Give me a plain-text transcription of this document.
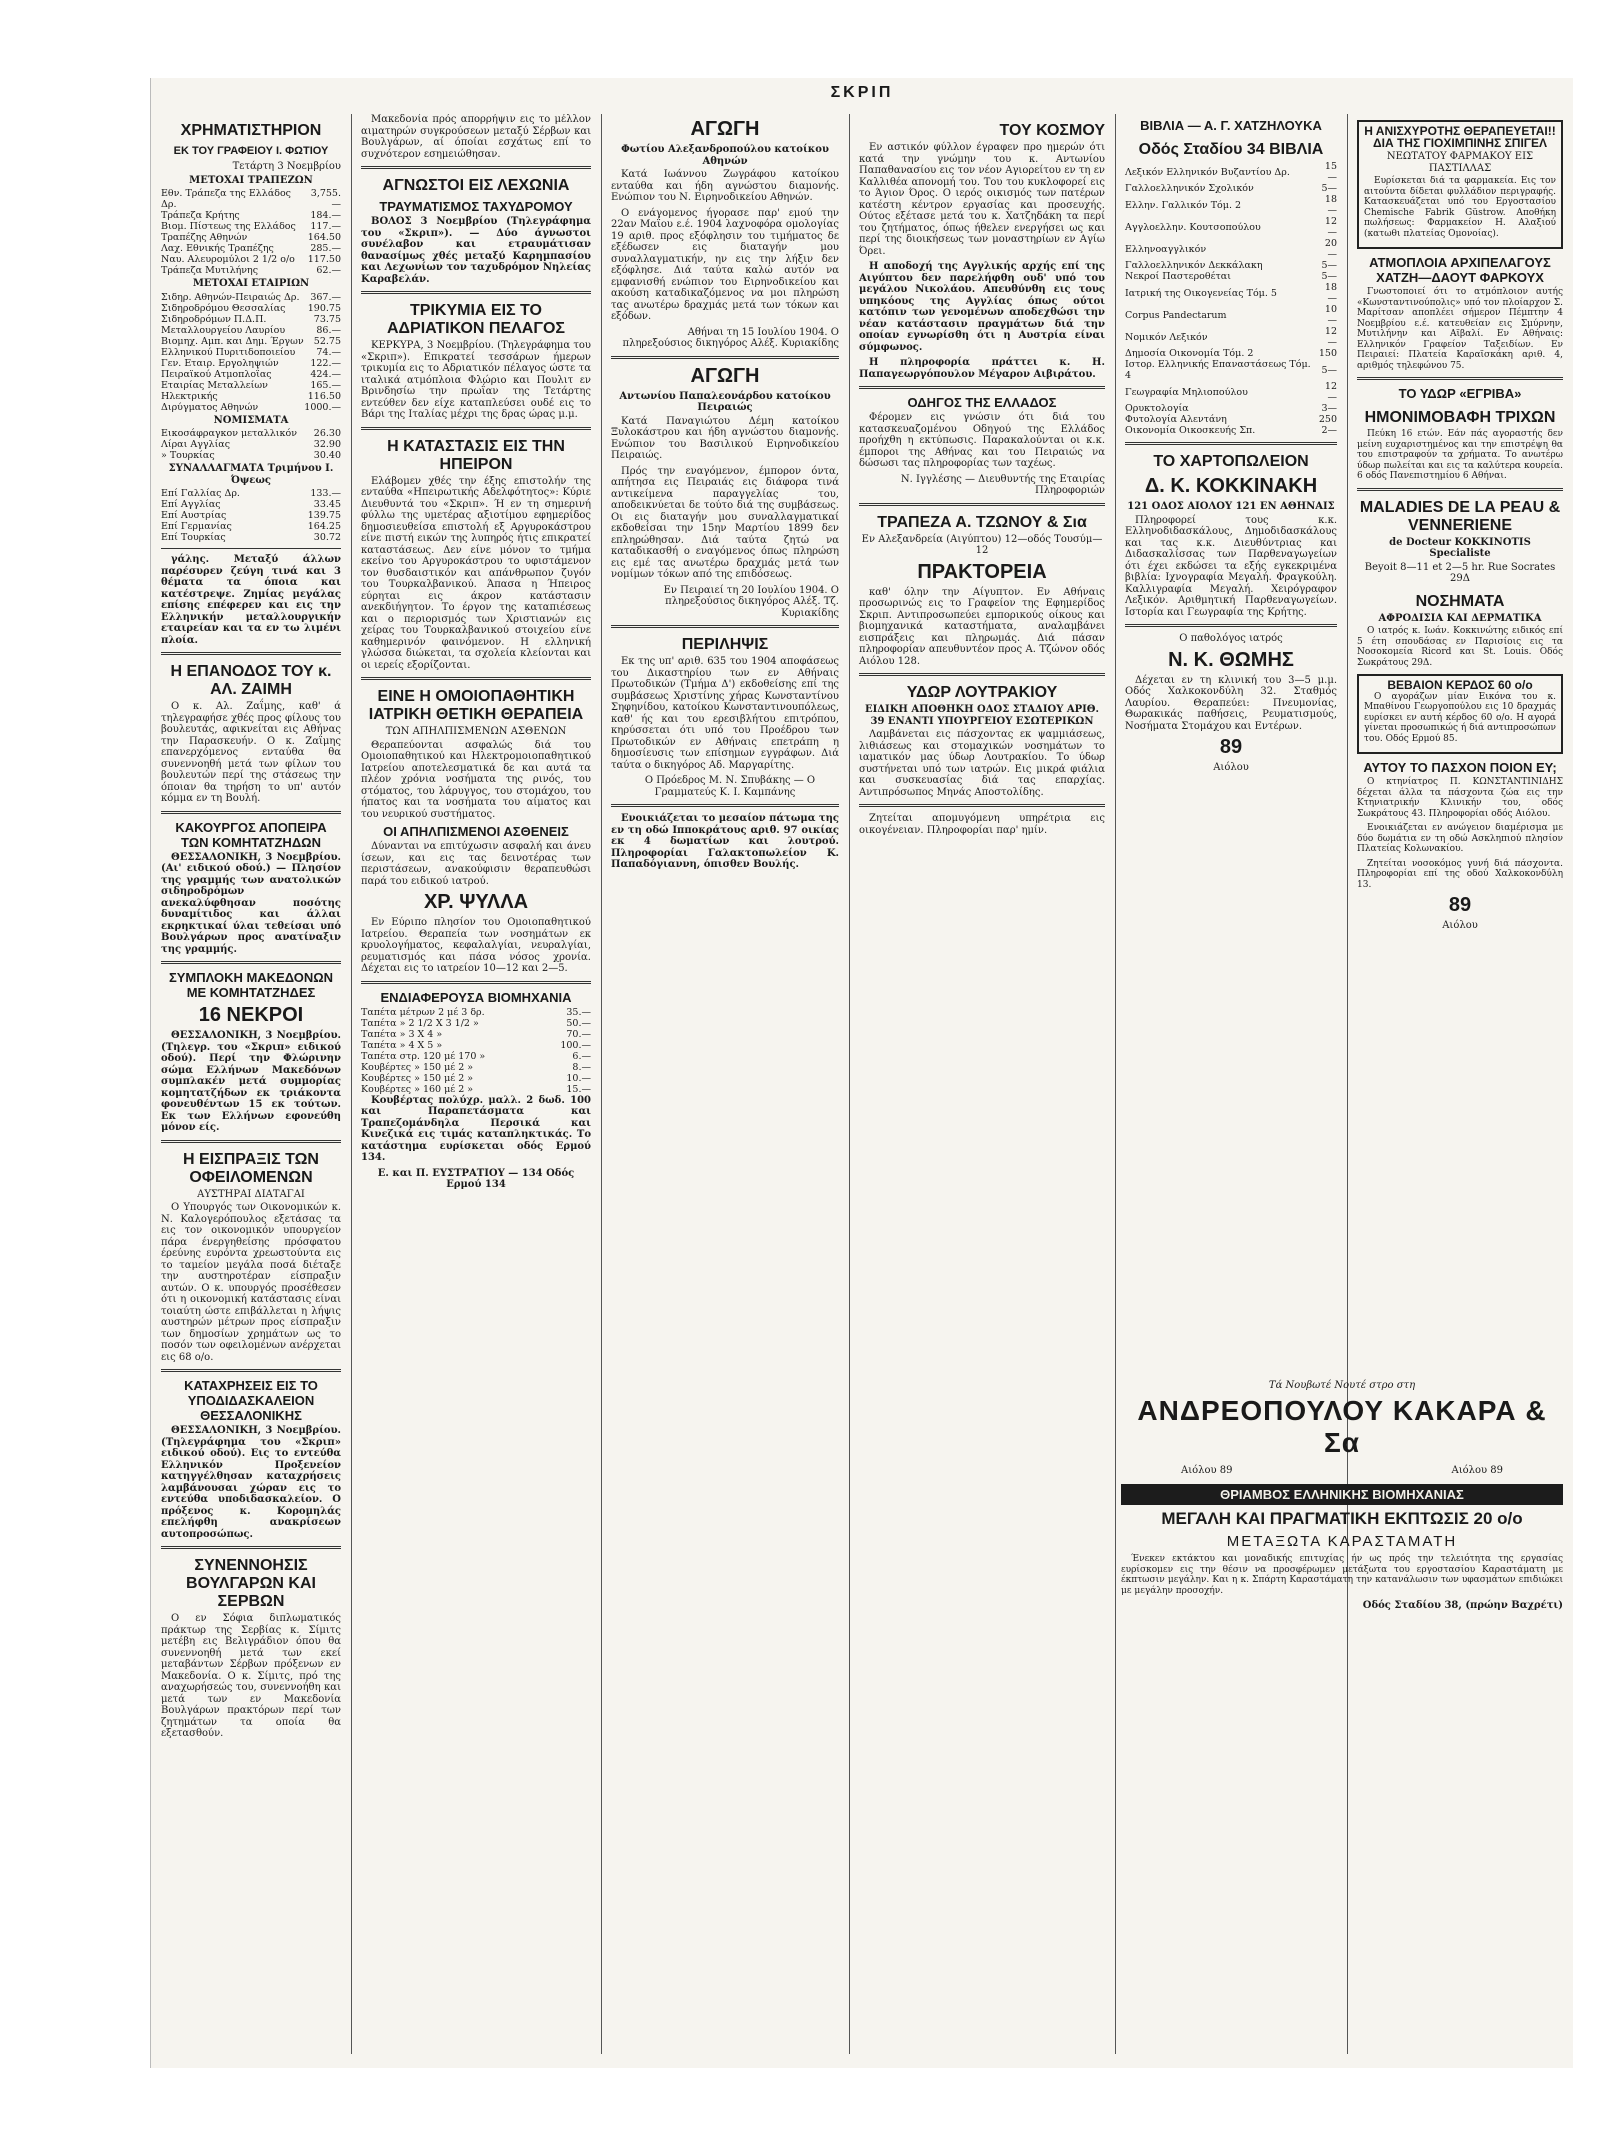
ΣΚΡΙΠ
ΧΡΗΜΑΤΙΣΤΗΡΙΟΝ
ΕΚ ΤΟΥ ΓΡΑΦΕΙΟΥ Ι. ΦΩΤΙΟΥ
Τετάρτη 3 Νοεμβρίου
ΜΕΤΟΧΑΙ ΤΡΑΠΕΖΩΝ
Εθν. Τράπεζα της Ελλάδος Δρ.	3,755.—
Τράπεζα Κρήτης	184.—
Βιομ. Πίστεως της Ελλάδος	117.—
Τραπέζης Αθηνών	164.50
Λαχ. Εθνικής Τραπέζης	285.—
Ναυ. Αλευρομύλοι 2 1/2 ο/ο	117.50
Τράπεζα Μυτιλήνης	62.—
ΜΕΤΟΧΑΙ ΕΤΑΙΡΙΩΝ
Σιδηρ. Αθηνών-Πειραιώς Δρ.	367.—
Σιδηροδρόμου Θεσσαλίας	190.75
Σιδηροδρόμων Π.Δ.Π.	73.75
Μεταλλουργείου Λαυρίου	86.—
Βιομηχ. Αμπ. και Δημ. Έργων	52.75
Ελληνικού Πυριτιδοποιείου	74.—
Γεν. Εταιρ. Εργοληψιών	122.—
Πειραϊκού Ατμοπλοΐας	424.—
Εταιρίας Μεταλλείων	165.—
Ηλεκτρικής	116.50
Διρύγματος Αθηνών	1000.—
ΝΟΜΙΣΜΑΤΑ
Εικοσάφραγκον μεταλλικόν	26.30
Λίραι Αγγλίας	32.90
» Τουρκίας	30.40
ΣΥΝΑΛΛΑΓΜΑΤΑ Τριμήνου Ι. Όψεως
Επί Γαλλίας Δρ.	133.—
Επί Αγγλίας	33.45
Επί Αυστρίας	139.75
Επί Γερμανίας	164.25
Επί Τουρκίας	30.72

γάλης. Μεταξύ άλλων παρέσυρεν ζεύγη τινά και 3 θέματα τα όποια και κατέστρεψε. Ζημίας μεγάλας επίσης επέφερεν και εις την Ελληνικήν μεταλλουργικήν εταιρείαν και τα εν τω λιμένι πλοία.

Η ΕΠΑΝΟΔΟΣ ΤΟΥ κ. ΑΛ. ΖΑΙΜΗ

Ο κ. Αλ. Ζαΐμης, καθ' ά τηλεγραφήσε χθές προς φίλους του βουλευτάς, αφικνείται εις Αθήνας την Παρασκευήν. Ο κ. Ζαΐμης επανερχόμενος ενταύθα θα συνεννοηθή μετά των φίλων του βουλευτών περί της στάσεως την όποιαν θα τηρήση το υπ' αυτόν κόμμα εν τη Βουλή.

ΚΑΚΟΥΡΓΟΣ ΑΠΟΠΕΙΡΑ ΤΩΝ ΚΟΜΗΤΑΤΖΗΔΩΝ

ΘΕΣΣΑΛΟΝΙΚΗ, 3 Νοεμβρίου. (Αι' ειδικού οδού.) — Πλησίον της γραμμής των ανατολικών σιδηροδρόμων ανεκαλύφθησαν ποσότης δυναμίτιδος και άλλαι εκρηκτικαί ύλαι τεθείσαι υπό Βουλγάρων προς ανατίναξιν της γραμμής.

ΣΥΜΠΛΟΚΗ ΜΑΚΕΔΟΝΩΝ ΜΕ ΚΟΜΗΤΑΤΖΗΔΕΣ
16 ΝΕΚΡΟΙ

ΘΕΣΣΑΛΟΝΙΚΗ, 3 Νοεμβρίου. (Τηλεγρ. του «Σκριπ» ειδικού οδού). Περί την Φλώρινην σώμα Ελλήνων Μακεδόνων συμπλακέν μετά συμμορίας κομητατζήδων εκ τριάκοντα φονευθέντων 15 εκ τούτων. Εκ των Ελλήνων εφονεύθη μόνον είς.

Η ΕΙΣΠΡΑΞΙΣ ΤΩΝ ΟΦΕΙΛΟΜΕΝΩΝ
ΑΥΣΤΗΡΑΙ ΔΙΑΤΑΓΑΙ

Ο Υπουργός των Οικονομικών κ. Ν. Καλογερόπουλος εξετάσας τα εις τον οικονομικόν υπουργείον πάρα ένεργηθείσης πρόσφατου έρεύνης ευρόντα χρεωστούντα εις το ταμείον μεγάλα ποσά διέταξε την αυστηροτέραν είσπραξιν αυτών. Ο κ. υπουργός προσέθεσεν ότι η οικονομική κατάστασις είναι τοιαύτη ώστε επιβάλλεται η λήψις αυστηρών μέτρων προς είσπραξιν των δημοσίων χρημάτων ως το ποσόν των οφειλομένων ανέρχεται εις 68 ο/ο.

ΚΑΤΑΧΡΗΣΕΙΣ ΕΙΣ ΤΟ ΥΠΟΔΙΔΑΣΚΑΛΕΙΟΝ ΘΕΣΣΑΛΟΝΙΚΗΣ

ΘΕΣΣΑΛΟΝΙΚΗ, 3 Νοεμβρίου. (Τηλεγράφημα του «Σκριπ» ειδικού οδού). Εις το εντεύθα Ελληνικόν Προξενείον κατηγγέλθησαν καταχρήσεις λαμβάνουσαι χώραν εις το εντεύθα υποδιδασκαλείον. Ο πρόξενος κ. Κορομηλάς επελήφθη ανακρίσεων αυτοπροσώπως.

ΣΥΝΕΝΝΟΗΣΙΣ ΒΟΥΛΓΑΡΩΝ ΚΑΙ ΣΕΡΒΩΝ

Ο εν Σόφια διπλωματικός πράκτωρ της Σερβίας κ. Σίμιτς μετέβη εις Βελιγράδιον όπου θα συνεννοηθή μετά των εκεί μεταβάντων Σέρβων πρόξενων εν Μακεδονία. Ο κ. Σίμιτς, πρό της αναχωρήσεώς του, συνεννοήθη και μετά των εν Μακεδονία Βουλγάρων πρακτόρων περί των ζητημάτων τα οποία θα εξετασθούν.

Μακεδονία πρός απορρήψιν εις το μέλλον αιματηρών συγκρούσεων μεταξύ Σέρβων και Βουλγάρων, αί όποίαι εσχάτως επί το συχνότερον εσημειώθησαν.

ΑΓΝΩΣΤΟΙ ΕΙΣ ΛΕΧΩΝΙΑ
ΤΡΑΥΜΑΤΙΣΜΟΣ ΤΑΧΥΔΡΟΜΟΥ

ΒΟΛΟΣ 3 Νοεμβρίου (Τηλεγράφημα του «Σκριπ»). — Δύο άγνωστοι συνέλαβον και ετραυμάτισαν θανασίμως χθές μεταξύ Καρημπασίου και Λεχωνίων τον ταχυδρόμον Νηλείας Καραβελάν.

ΤΡΙΚΥΜΙΑ ΕΙΣ ΤΟ ΑΔΡΙΑΤΙΚΟΝ ΠΕΛΑΓΟΣ

ΚΕΡΚΥΡΑ, 3 Νοεμβρίου. (Τηλεγράφημα του «Σκριπ»). Επικρατεί τεσσάρων ήμερων τρικυμία εις το Αδριατικόν πέλαγος ώστε τα ιταλικά ατμόπλοια Φλώριο και Πουλιτ εν Βρινδησίω την πρωΐαν της Τετάρτης εντεύθεν δεν είχε καταπλεύσει ουδέ εις το Βάρι της Ιταλίας μέχρι της δρας ώρας μ.μ.

Η ΚΑΤΑΣΤΑΣΙΣ ΕΙΣ ΤΗΝ ΗΠΕΙΡΟΝ

Ελάβομεν χθές την έξης επιστολήν της ενταύθα «Ηπειρωτικής Αδελφότητος»: Κύριε Διευθυντά του «Σκριπ». Ή εν τη σημερινή φύλλω της υμετέρας αξιοτίμου εφημερίδος δημοσιευθείσα επιστολή εξ Αργυροκάστρου είνε πιστή εικών της λυπηρός ήτις επικρατεί καταστάσεως. Δεν είνε μόνον το τμήμα εκείνο του Αργυροκάστρου το υφιστάμενον τον θυσδαιστικόν και απάνθρωπον ζυγόν του Τουρκαλβανικού. Άπασα η Ήπειρος εύρηται εις άκρον κατάστασιν ανεκδιήγητον. Το έργον της καταπιέσεως και ο περιορισμός των Χριστιανών εις χείρας του Τουρκαλβανικού στοιχείου είνε καθημερινόν φαινόμενον. Η ελληνική γλώσσα διώκεται, τα σχολεία κλείονται και οι ιερείς εξορίζονται.

ΕΙΝΕ Η ΟΜΟΙΟΠΑΘΗΤΙΚΗ ΙΑΤΡΙΚΗ ΘΕΤΙΚΗ ΘΕΡΑΠΕΙΑ
ΤΩΝ ΑΠΗΛΠΙΣΜΕΝΩΝ ΑΣΘΕΝΩΝ

Θεραπεύονται ασφαλώς διά του Ομοιοπαθητικού και Ηλεκτρομοιοπαθητικού Ιατρείου αποτελεσματικά δε και αυτά τα πλέον χρόνια νοσήματα της ρινός, του στόματος, του λάρυγγος, του στομάχου, του ήπατος και τα νοσήματα του αίματος και του νευρικού συστήματος.

ΟΙ ΑΠΗΛΠΙΣΜΕΝΟΙ ΑΣΘΕΝΕΙΣ

Δύνανται να επιτύχωσιν ασφαλή και άνευ ίσεων, και εις τας δεινοτέρας των περιστάσεων, ανακούφισιν θεραπευθώσι παρά του ειδικού ιατρού.

ΧΡ. ΨΥΛΛΑ

Εν Εύριπο πλησίον του Ομοιοπαθητικού Ιατρείου. Θεραπεία των νοσημάτων εκ κρυολογήματος, κεφαλαλγίαι, νευραλγίαι, ρευματισμός και πάσα νόσος χρονία. Δέχεται εις το ιατρείον 10—12 και 2—5.

ΕΝΔΙΑΦΕΡΟΥΣΑ ΒΙΟΜΗΧΑΝΙΑ
Ταπέτα μέτρων 2 μέ 3 δρ.	35.—
Ταπέτα » 2 1/2 Χ 3 1/2 »	50.—
Ταπέτα » 3 Χ 4 »	70.—
Ταπέτα » 4 Χ 5 »	100.—
Ταπέτα στρ. 120 μέ 170 »	6.—
Κουβέρτες » 150 μέ 2 »	8.—
Κουβέρτες » 150 μέ 2 »	10.—
Κουβέρτες » 160 μέ 2 »	15.—

Κουβέρτας πολύχρ. μαλλ. 2 δωδ. 100 και Παραπετάσματα και Τραπεζομάνδηλα Περσικά και Κινεζικά εις τιμάς καταπληκτικάς. Το κατάστημα ευρίσκεται οδός Ερμού 134.

Ε. και Π. ΕΥΣΤΡΑΤΙΟΥ — 134 Οδός Ερμού 134
ΑΓΩΓΗ
Φωτίου Αλεξανδροπούλου κατοίκου Αθηνών

Κατά Ιωάννου Ζωγράφου κατοίκου ενταύθα και ήδη αγνώστου διαμονής. Ενώπιον του Ν. Ειρηνοδικείου Αθηνών.

Ο ενάγομενος ήγορασε παρ' εμού την 22αν Μαΐου ε.έ. 1904 λαχνοφόρα ομολογίας 19 αριθ. προς εξόφλησιν του τιμήματος δε εξέδωσεν εις διαταγήν μου συναλλαγματικήν, ην εις την λήξιν δεν εξόφλησε. Διά ταύτα καλώ αυτόν να εμφανισθή ενώπιον του Ειρηνοδικείου και ακούση καταδικαζόμενος να μοι πληρώση τας ανωτέρω δραχμάς μετά των τόκων και εξόδων.

Αθήναι τη 15 Ιουλίου 1904. Ο πληρεξούσιος δικηγόρος Αλέξ. Κυριακίδης

ΑΓΩΓΗ
Αντωνίου Παπαλεονάρδου κατοίκου Πειραιώς

Κατά Παναγιώτου Δέμη κατοίκου Ξυλοκάστρου και ήδη αγνώστου διαμονής. Ενώπιον του Βασιλικού Ειρηνοδικείου Πειραιώς.

Πρός την εναγόμενον, έμπορον όντα, απήτησα εις Πειραιάς εις διάφορα τινά αντικείμενα παραγγελίας του, αποδεικνύεται δε τούτο διά της συμβάσεως. Οι εις διαταγήν μου συναλλαγματικαί εκδοθείσαι την 15ην Μαρτίου 1899 δεν επληρώθησαν. Διά ταύτα ζητώ να καταδικασθή ο εναγόμενος όπως πληρώση εις εμέ τας ανωτέρω δραχμάς μετά των νομίμων τόκων από της επιδόσεως.

Εν Πειραιεί τη 20 Ιουλίου 1904. Ο πληρεξούσιος δικηγόρος Αλέξ. Τζ. Κυριακίδης

ΠΕΡΙΛΗΨΙΣ

Εκ της υπ' αριθ. 635 του 1904 αποφάσεως του Δικαστηρίου των εν Αθήναις Πρωτοδικών (Τμήμα Δ') εκδοθείσης επί της συμβάσεως Χριστίνης χήρας Κωνσταντίνου Σηφηνίδου, κατοίκου Κωνσταντινουπόλεως, καθ' ής και του ερεσιβλήτου επιτρόπου, κηρύσσεται ότι υπό του Προέδρου των Πρωτοδικών εν Αθήναις επετράπη η δημοσίευσις των επίσημων εγγράφων. Διά ταύτα ο δικηγόρος Αδ. Μαργαρίτης.

Ο Πρόεδρος Μ. Ν. Σπυβάκης — Ο Γραμματεύς Κ. Ι. Καμπάνης

Ενοικιάζεται το μεσαίον πάτωμα της εν τη οδώ Ιπποκράτους αριθ. 97 οικίας εκ 4 δωματίων και λουτρού. Πληροφορίαι Γαλακτοπωλείον Κ. Παπαδόγιαννη, όπισθεν Βουλής.

ΤΟΥ ΚΟΣΜΟΥ

Εν αστικόν φύλλον έγραφεν προ ημερών ότι κατά την γνώμην του κ. Αντωνίου Παπαθανασίου εις τον νέον Αγιορείτου εν τη εν Καλλιθέα απονομή του. Του του κυκλοφορεί εις το Άγιον Όρος. Ο ιερός οικισμός των πατέρων κατέστη κέντρον εργασίας και προσευχής. Ούτος εξέτασε μετά του κ. Χατζηδάκη τα περί του ζητήματος, όπως ήθελεν ενεργήσει ως και περί της διοικήσεως των μοναστηρίων εν Αγίω Όρει.

Η αποδοχή της Αγγλικής αρχής επί της Αιγύπτου δεν παρελήφθη ουδ' υπό του μεγάλου Νικολάου. Απευθύνθη εις τους υπηκόους της Αγγλίας όπως ούτοι κατόπιν των γενομένων αποδεχθώσι την νέαν κατάστασιν πραγμάτων διά την οποίαν εγνωρίσθη ότι η Αυστρία είναι σύμφωνος.

Η πληροφορία πράττει κ. Η. Παπαγεωργόπουλον Μέγαρον Αιβιράτου.

ΟΔΗΓΟΣ ΤΗΣ ΕΛΛΑΔΟΣ

Φέρομεν εις γνώσιν ότι διά του κατασκευαζομένου Οδηγού της Ελλάδος προήχθη η εκτύπωσις. Παρακαλούνται οι κ.κ. έμποροι της Αθήνας και του Πειραιώς να δώσωσι τας πληροφορίας των ταχέως.

Ν. Ιγγλέσης — Διευθυντής της Εταιρίας Πληροφοριών

ΤΡΑΠΕΖΑ Α. ΤΖΩΝΟΥ & Σια
Εν Αλεξανδρεία (Αιγύπτου) 12—οδός Τουσύμ—12
ΠΡΑΚΤΟΡΕΙΑ

καθ' όλην την Αίγυπτον. Εν Αθήναις προσωρινώς εις το Γραφείον της Εφημερίδος Σκριπ. Αντιπροσωπεύει εμπορικούς οίκους και βιομηχανικά καταστήματα, αναλαμβάνει εισπράξεις και πληρωμάς. Διά πάσαν πληροφορίαν απευθυντέον προς Α. Τζώνον οδός Αιόλου 128.

ΥΔΩΡ ΛΟΥΤΡΑΚΙΟΥ
ΕΙΔΙΚΗ ΑΠΟΘΗΚΗ ΟΔΟΣ ΣΤΑΔΙΟΥ ΑΡΙΘ. 39 ΕΝΑΝΤΙ ΥΠΟΥΡΓΕΙΟΥ ΕΣΩΤΕΡΙΚΩΝ

Λαμβάνεται εις πάσχοντας εκ ψαμμιάσεως, λιθιάσεως και στομαχικών νοσημάτων το ιαματικόν μας ύδωρ Λουτρακίου. Το ύδωρ συστήνεται υπό των ιατρών. Εις μικρά φιάλια και συσκευασίας διά τας επαρχίας. Αντιπρόσωπος Μηνάς Αποστολίδης.

Ζητείται απομυγόμενη υπηρέτρια εις οικογένειαν. Πληροφορίαι παρ' ημίν.

ΒΙΒΛΙΑ — Α. Γ. ΧΑΤΖΗΛΟΥΚΑ
Οδός Σταδίου 34 ΒΙΒΛΙΑ
Λεξικόν Ελληνικόν Βυζαντίου Δρ.	15—
Γαλλοελληνικόν Σχολικόν	5—
Ελλην. Γαλλικόν Τόμ. 2	18—
Αγγλοελλην. Κουτσοπούλου	12—
Ελληνοαγγλικόν	20—
Γαλλοελληνικόν Δεκκάλακη	5—
Νεκροί Παστεροθέται	5—
Ιατρική της Οικογενείας Τόμ. 5	18—
Corpus Pandectarum	10—
Νομικόν Λεξικόν	12—
Δημοσία Οικονομία Τόμ. 2	150
Ιστορ. Ελληνικής Επαναστάσεως Τόμ. 4	5—
Γεωγραφία Μηλιοπούλου	12—
Ορυκτολογία	3—
Φυτολογία Αλεντάνη	250
Οικονομία Οικοσκευής Σπ.	2—
ΤΟ ΧΑΡΤΟΠΩΛΕΙΟΝ
Δ. Κ. ΚΟΚΚΙΝΑΚΗ
121 ΟΔΟΣ ΑΙΟΛΟΥ 121 ΕΝ ΑΘΗΝΑΙΣ

Πληροφορεί τους κ.κ. Ελληνοδιδασκάλους, Δημοδιδασκάλους και τας κ.κ. Διευθύντριας και Διδασκαλίσσας των Παρθεναγωγείων ότι έχει εκδώσει τα εξής εγκεκριμένα βιβλία: Ιχνογραφία Μεγαλή. Φραγκούλη. Καλλιγραφία Μεγαλή. Χειρόγραφον Λεξικόν. Αριθμητική Παρθεναγωγείων. Ιστορία και Γεωγραφία της Κρήτης.

Ο παθολόγος ιατρός
Ν. Κ. ΘΩΜΗΣ

Δέχεται εν τη κλινική του 3—5 μ.μ. Οδός Χαλκοκονδύλη 32. Σταθμός Λαυρίου. Θεραπεύει: Πνευμονίας, Θωρακικάς παθήσεις, Ρευματισμούς, Νοσήματα Στομάχου και Εντέρων.

89
Αιόλου
Η ΑΝΙΣΧΥΡΟΤΗΣ ΘΕΡΑΠΕΥΕΤΑΙ!!
ΔΙΑ ΤΗΣ ΓΙΟΧΙΜΠΙΝΗΣ ΣΠΙΓΕΛ
ΝΕΩΤΑΤΟΥ ΦΑΡΜΑΚΟΥ ΕΙΣ ΠΑΣΤΙΛΛΑΣ

Ευρίσκεται διά τα φαρμακεία. Εις τον αιτούντα δίδεται φυλλάδιον περιγραφής. Κατασκευάζεται υπό του Εργοστασίου Chemische Fabrik Güstrow. Αποθήκη πωλήσεως: Φαρμακείον Η. Αλαξιού (κατωθι πλατείας Ομονοίας).

ΑΤΜΟΠΛΟΙΑ ΑΡΧΙΠΕΛΑΓΟΥΣ ΧΑΤΖΗ—ΔΑΟΥΤ ΦΑΡΚΟΥΧ

Γνωστοποιεί ότι το ατμόπλοιον αυτής «Κωνσταντινούπολις» υπό τον πλοίαρχον Σ. Μαρίτσαν αποπλέει σήμερον Πέμπτην 4 Νοεμβρίου ε.έ. κατευθείαν εις Σμύρνην, Μυτιλήνην και Αϊβαλί. Εν Αθήναις: Ελληνικόν Γραφείον Ταξειδίων. Εν Πειραιεί: Πλατεία Καραϊσκάκη αριθ. 4, αριθμός τηλεφώνου 75.

ΤΟ ΥΔΩΡ «ΕΓΡΙΒΑ»
ΗΜΟΝΙΜΟΒΑΦΗ ΤΡΙΧΩΝ

Πεύκη 16 ετών. Εάν πάς αγοραστής δεν μείνη ευχαριστημένος και την επιστρέψη θα του επιστραφούν τα χρήματα. Το ανωτέρω ύδωρ πωλείται και εις τα καλύτερα κουρεία. 6 οδός Πανεπιστημίου 6 Αθήναι.

MALADIES DE LA PEAU & VENNERIENE
de Docteur KOKKINOTIS Specialiste
Beyoit 8—11 et 2—5 hr. Rue Socrates 29Δ
ΝΟΣΗΜΑΤΑ
ΑΦΡΟΔΙΣΙΑ ΚΑΙ ΔΕΡΜΑΤΙΚΑ

Ο ιατρός κ. Ιωάν. Κοκκινώτης ειδικός επί 5 έτη σπουδάσας εν Παρισίοις εις τα Νοσοκομεία Ricord και St. Louis. Οδός Σωκράτους 29Δ.

ΒΕΒΑΙΟΝ ΚΕΡΔΟΣ 60 ο/ο

Ο αγοράζων μίαν Εικόνα του κ. Μπαθίνου Γεωργοπούλου εις 10 δραχμάς ευρίσκει εν αυτή κέρδος 60 ο/ο. Η αγορά γίνεται προσωπικώς ή διά αντιπροσώπων του. Οδός Ερμού 85.

ΑΥΤΟΥ ΤΟ ΠΑΣΧΟΝ ΠΟΙΟΝ ΕΥ;

Ο κτηνίατρος Π. ΚΩΝΣΤΑΝΤΙΝΙΔΗΣ δέχεται άλλα τα πάσχοντα ζώα εις την Κτηνιατρικήν Κλινικήν του, οδός Σωκράτους 43. Πληροφορίαι οδός Αιόλου.

Ενοικιάζεται εν ανώγειον διαμέρισμα με δύο δωμάτια εν τη οδώ Ασκληπιού πλησίον Πλατείας Κολωνακίου.

Ζητείται νοσοκόμος γυνή διά πάσχοντα. Πληροφορίαι επί της οδού Χαλκοκονδύλη 13.

89
Αιόλου
Τά Νουβωτέ Νουτέ στρο στη
ΑΝΔΡΕΟΠΟΥΛΟΥ ΚΑΚΑΡΑ & Σα
Αιόλου 89	Αιόλου 89
ΘΡΙΑΜΒΟΣ ΕΛΛΗΝΙΚΗΣ ΒΙΟΜΗΧΑΝΙΑΣ
ΜΕΓΑΛΗ ΚΑΙ ΠΡΑΓΜΑΤΙΚΗ ΕΚΠΤΩΣΙΣ 20 ο/ο
ΜΕΤΑΞΩΤΑ ΚΑΡΑΣΤΑΜΑΤΗ

Ένεκεν εκτάκτου και μοναδικής επιτυχίας ήν ως πρός την τελειότητα της εργασίας ευρίσκομεν εις την θέσιν να προσφέρωμεν μετάξωτα του εργοστασίου Καραστάματη με έκπτωσιν μεγάλην. Και η κ. Σπάρτη Καραστάματη την κατανάλωσιν των υφασμάτων επιδιώκει με μεγάλην προσοχήν.

Οδός Σταδίου 38, (πρώην Βαχρέτι)
